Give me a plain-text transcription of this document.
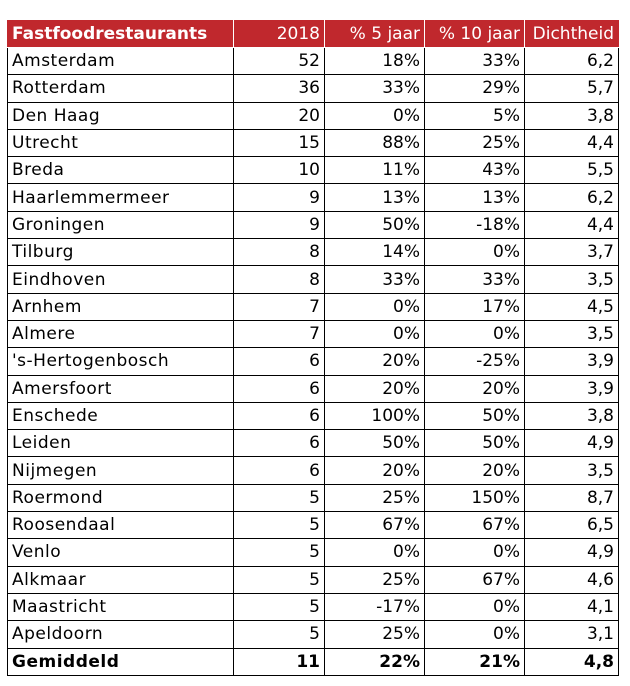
Fastfoodrestaurants	2018	% 5 jaar	% 10 jaar	Dichtheid
Amsterdam	52	18%	33%	6,2
Rotterdam	36	33%	29%	5,7
Den Haag	20	0%	5%	3,8
Utrecht	15	88%	25%	4,4
Breda	10	11%	43%	5,5
Haarlemmermeer	9	13%	13%	6,2
Groningen	9	50%	-18%	4,4
Tilburg	8	14%	0%	3,7
Eindhoven	8	33%	33%	3,5
Arnhem	7	0%	17%	4,5
Almere	7	0%	0%	3,5
's-Hertogenbosch	6	20%	-25%	3,9
Amersfoort	6	20%	20%	3,9
Enschede	6	100%	50%	3,8
Leiden	6	50%	50%	4,9
Nijmegen	6	20%	20%	3,5
Roermond	5	25%	150%	8,7
Roosendaal	5	67%	67%	6,5
Venlo	5	0%	0%	4,9
Alkmaar	5	25%	67%	4,6
Maastricht	5	-17%	0%	4,1
Apeldoorn	5	25%	0%	3,1
Gemiddeld	11	22%	21%	4,8
